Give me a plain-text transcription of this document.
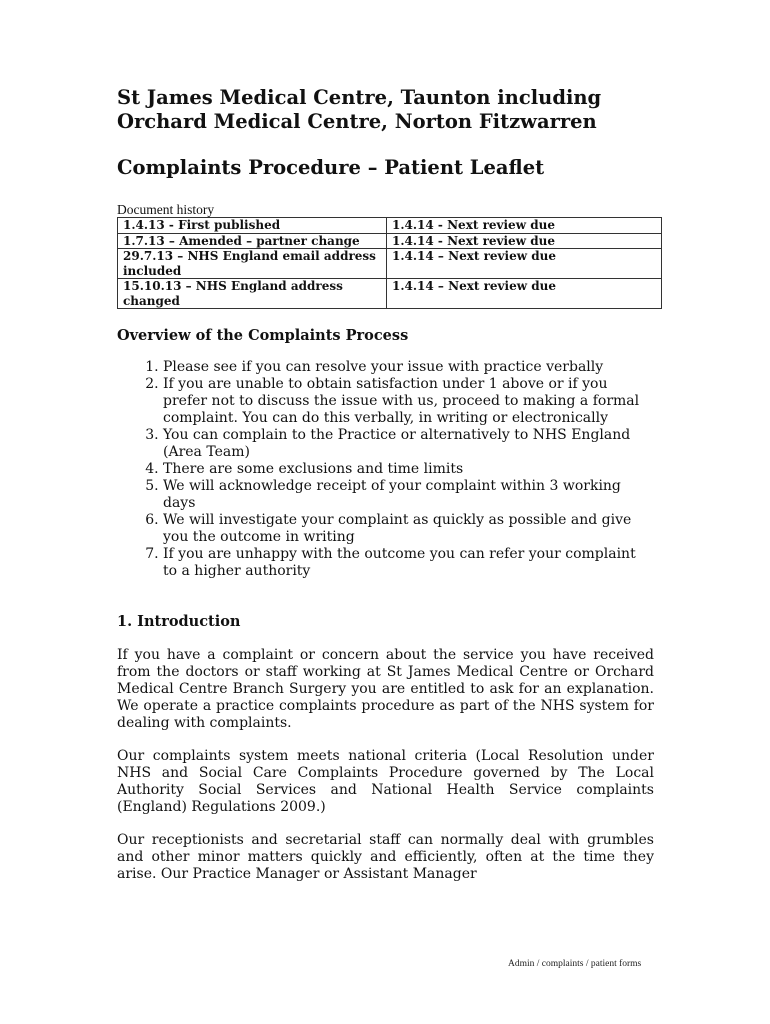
St James Medical Centre, Taunton including Orchard Medical Centre, Norton Fitzwarren
Complaints Procedure – Patient Leaflet
Document history
1.4.13 - First published	1.4.14 - Next review due
1.7.13 – Amended – partner change	1.4.14 - Next review due
29.7.13 – NHS England email address included	1.4.14 – Next review due
15.10.13 – NHS England address changed	1.4.14 – Next review due
Overview of the Complaints Process
1. Please see if you can resolve your issue with practice verbally
2. If you are unable to obtain satisfaction under 1 above or if you prefer not to discuss the issue with us, proceed to making a formal complaint. You can do this verbally, in writing or electronically
3. You can complain to the Practice or alternatively to NHS England (Area Team)
4. There are some exclusions and time limits
5. We will acknowledge receipt of your complaint within 3 working days
6. We will investigate your complaint as quickly as possible and give you the outcome in writing
7. If you are unhappy with the outcome you can refer your complaint to a higher authority
1. Introduction

If you have a complaint or concern about the service you have received from the doctors or staff working at St James Medical Centre or Orchard Medical Centre Branch Surgery you are entitled to ask for an explanation. We operate a practice complaints procedure as part of the NHS system for dealing with complaints.

Our complaints system meets national criteria (Local Resolution under NHS and Social Care Complaints Procedure governed by The Local Authority Social Services and National Health Service complaints (England) Regulations 2009.)

Our receptionists and secretarial staff can normally deal with grumbles and other minor matters quickly and efficiently, often at the time they arise. Our Practice Manager or Assistant Manager

Admin / complaints / patient forms
